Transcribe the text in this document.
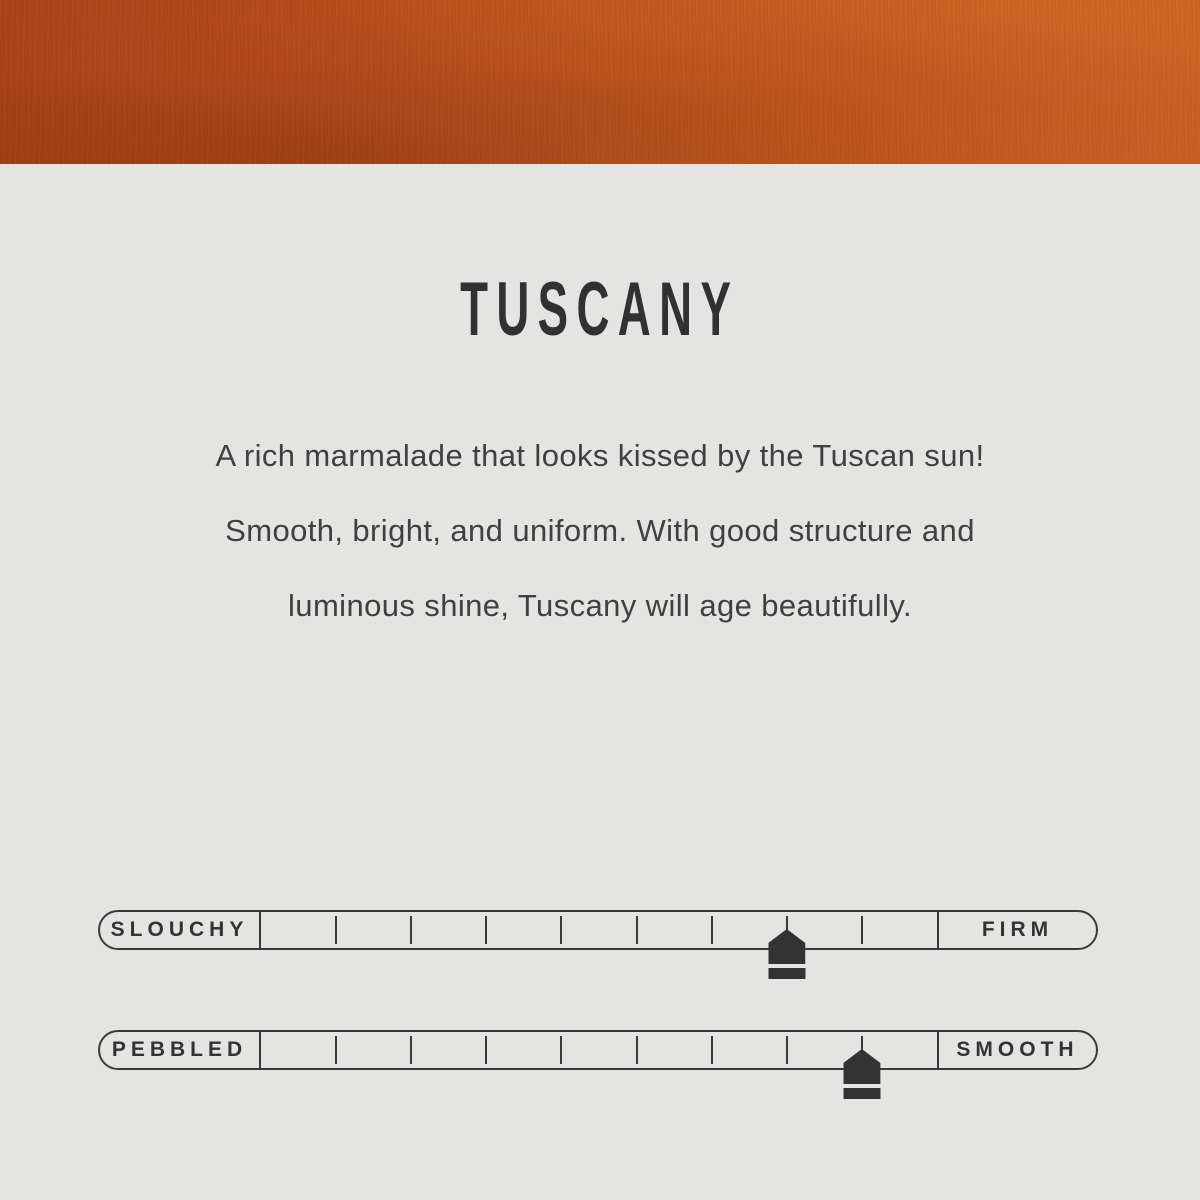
TUSCANY
A rich marmalade that looks kissed by the Tuscan sun!
Smooth, bright, and uniform. With good structure and
luminous shine, Tuscany will age beautifully.
SLOUCHY	FIRM
PEBBLED	SMOOTH
